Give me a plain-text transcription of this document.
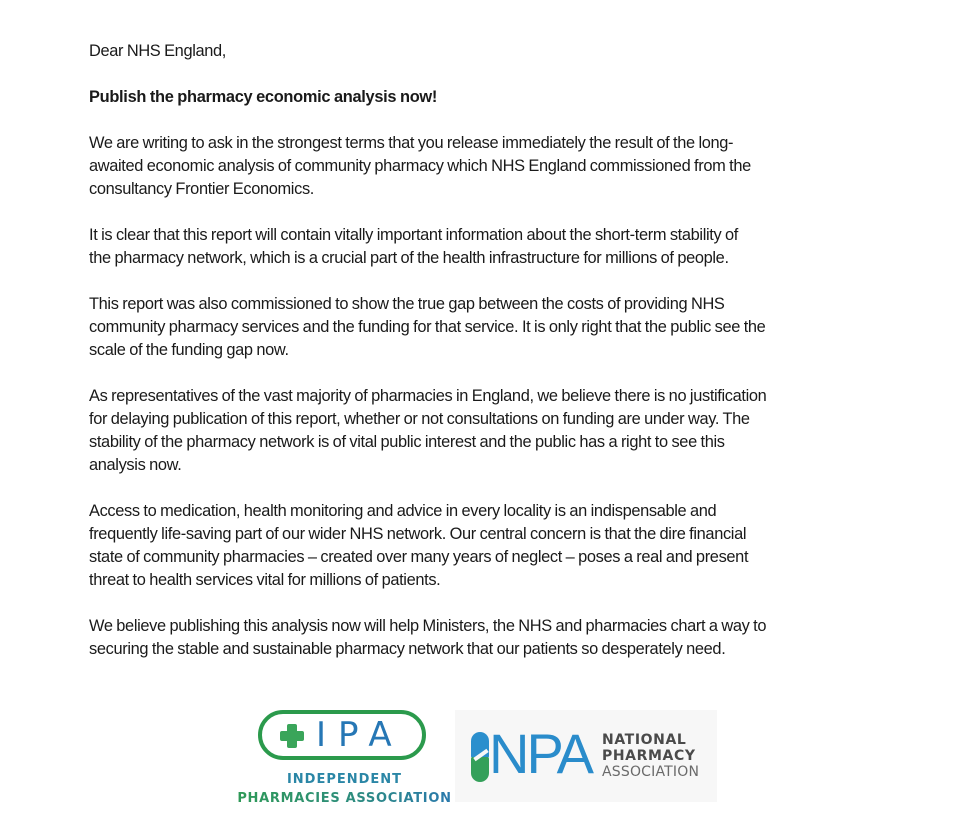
Dear NHS England,
Publish the pharmacy economic analysis now!
We are writing to ask in the strongest terms that you release immediately the result of the long-
awaited economic analysis of community pharmacy which NHS England commissioned from the
consultancy Frontier Economics.
It is clear that this report will contain vitally important information about the short-term stability of
the pharmacy network, which is a crucial part of the health infrastructure for millions of people.
This report was also commissioned to show the true gap between the costs of providing NHS
community pharmacy services and the funding for that service. It is only right that the public see the
scale of the funding gap now.
As representatives of the vast majority of pharmacies in England, we believe there is no justification
for delaying publication of this report, whether or not consultations on funding are under way. The
stability of the pharmacy network is of vital public interest and the public has a right to see this
analysis now.
Access to medication, health monitoring and advice in every locality is an indispensable and
frequently life-saving part of our wider NHS network. Our central concern is that the dire financial
state of community pharmacies – created over many years of neglect – poses a real and present
threat to health services vital for millions of patients.
We believe publishing this analysis now will help Ministers, the NHS and pharmacies chart a way to
securing the stable and sustainable pharmacy network that our patients so desperately need.
IPA
INDEPENDENT
PHARMACIES ASSOCIATION
NPA NATIONAL
PHARMACY
ASSOCIATION
